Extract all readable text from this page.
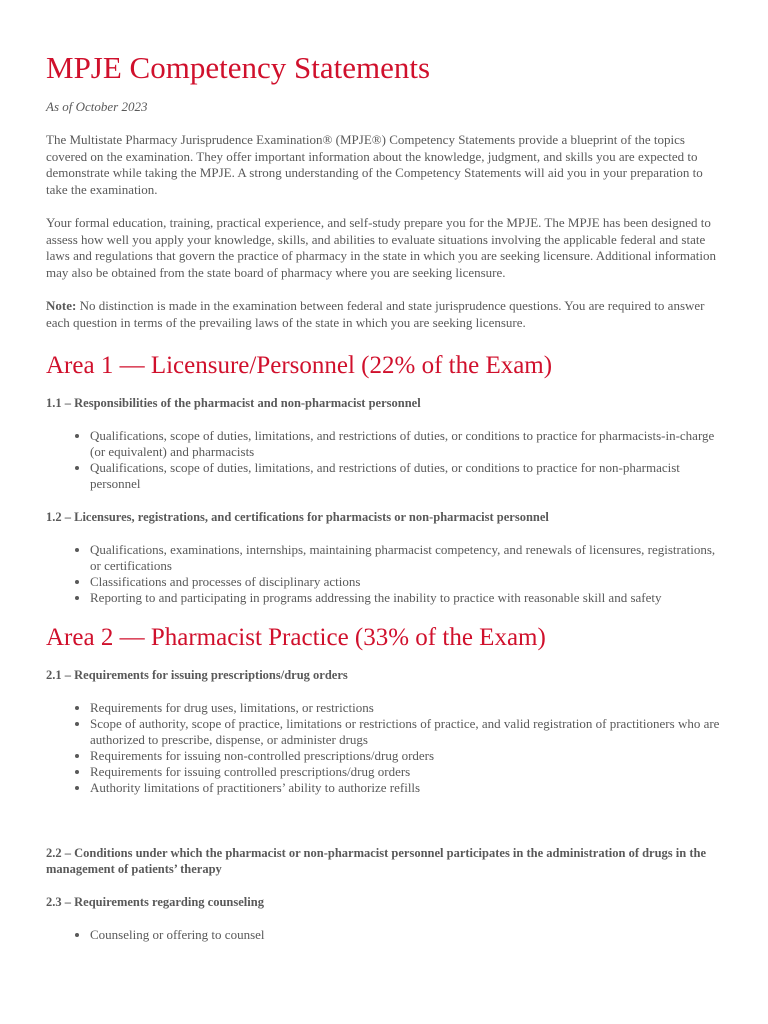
MPJE Competency Statements
As of October 2023

The Multistate Pharmacy Jurisprudence Examination® (MPJE®) Competency Statements provide a blueprint of the topics covered on the examination. They offer important information about the knowledge, judgment, and skills you are expected to demonstrate while taking the MPJE. A strong understanding of the Competency Statements will aid you in your preparation to take the examination.

Your formal education, training, practical experience, and self-study prepare you for the MPJE. The MPJE has been designed to assess how well you apply your knowledge, skills, and abilities to evaluate situations involving the applicable federal and state laws and regulations that govern the practice of pharmacy in the state in which you are seeking licensure. Additional information may also be obtained from the state board of pharmacy where you are seeking licensure.

Note: No distinction is made in the examination between federal and state jurisprudence questions. You are required to answer each question in terms of the prevailing laws of the state in which you are seeking licensure.

Area 1 — Licensure/Personnel (22% of the Exam)
1.1 – Responsibilities of the pharmacist and non-pharmacist personnel
• Qualifications, scope of duties, limitations, and restrictions of duties, or conditions to practice for pharmacists-in-charge (or equivalent) and pharmacists
• Qualifications, scope of duties, limitations, and restrictions of duties, or conditions to practice for non-pharmacist personnel
1.2 – Licensures, registrations, and certifications for pharmacists or non-pharmacist personnel
• Qualifications, examinations, internships, maintaining pharmacist competency, and renewals of licensures, registrations, or certifications
• Classifications and processes of disciplinary actions
• Reporting to and participating in programs addressing the inability to practice with reasonable skill and safety
Area 2 — Pharmacist Practice (33% of the Exam)
2.1 – Requirements for issuing prescriptions/drug orders
• Requirements for drug uses, limitations, or restrictions
• Scope of authority, scope of practice, limitations or restrictions of practice, and valid registration of practitioners who are authorized to prescribe, dispense, or administer drugs
• Requirements for issuing non-controlled prescriptions/drug orders
• Requirements for issuing controlled prescriptions/drug orders
• Authority limitations of practitioners’ ability to authorize refills
2.2 – Conditions under which the pharmacist or non-pharmacist personnel participates in the administration of drugs in the management of patients’ therapy
2.3 – Requirements regarding counseling
• Counseling or offering to counsel
